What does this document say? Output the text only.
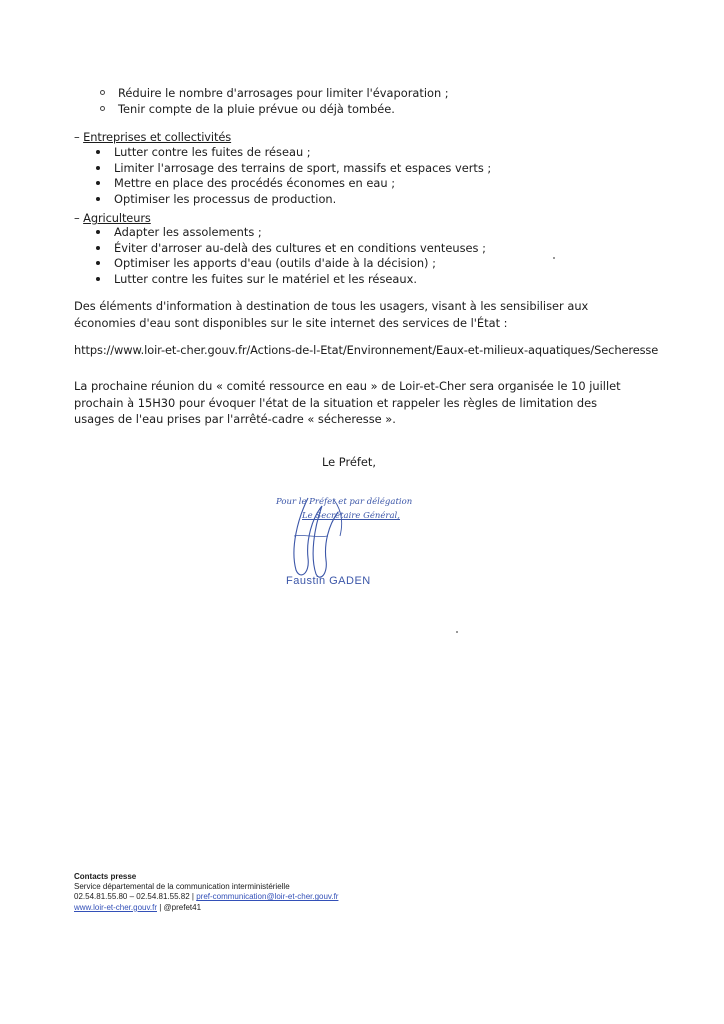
Réduire le nombre d'arrosages pour limiter l'évaporation ;
Tenir compte de la pluie prévue ou déjà tombée.
– Entreprises et collectivités
Lutter contre les fuites de réseau ;
Limiter l'arrosage des terrains de sport, massifs et espaces verts ;
Mettre en place des procédés économes en eau ;
Optimiser les processus de production.
– Agriculteurs
Adapter les assolements ;
Éviter d'arroser au-delà des cultures et en conditions venteuses ;
Optimiser les apports d'eau (outils d'aide à la décision) ;
Lutter contre les fuites sur le matériel et les réseaux.
Des éléments d'information à destination de tous les usagers, visant à les sensibiliser aux économies d'eau sont disponibles sur le site internet des services de l'État :
https://www.loir-et-cher.gouv.fr/Actions-de-l-Etat/Environnement/Eaux-et-milieux-aquatiques/Secheresse
La prochaine réunion du « comité ressource en eau » de Loir-et-Cher sera organisée le 10 juillet prochain à 15H30 pour évoquer l'état de la situation et rappeler les règles de limitation des usages de l'eau prises par l'arrêté-cadre « sécheresse ».
Le Préfet,
Pour le Préfet et par délégation
Le Secrétaire Général,
Faustin GADEN
Contacts presse
Service départemental de la communication interministérielle
02.54.81.55.80 – 02.54.81.55.82 | pref-communication@loir-et-cher.gouv.fr
www.loir-et-cher.gouv.fr | @prefet41
